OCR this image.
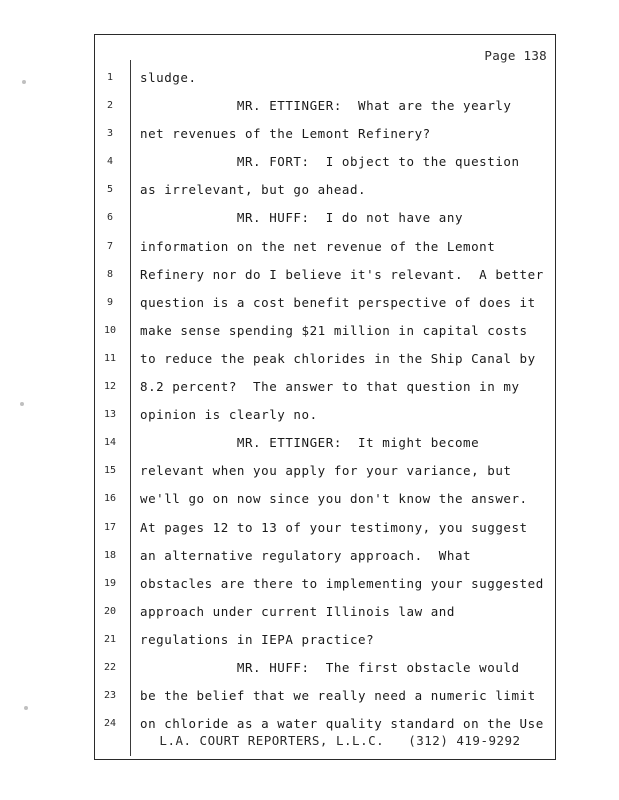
Page 138
1	sludge.
2	MR. ETTINGER:  What are the yearly
3	net revenues of the Lemont Refinery?
4	MR. FORT:  I object to the question
5	as irrelevant, but go ahead.
6	MR. HUFF:  I do not have any
7	information on the net revenue of the Lemont
8	Refinery nor do I believe it's relevant.  A better
9	question is a cost benefit perspective of does it
10	make sense spending $21 million in capital costs
11	to reduce the peak chlorides in the Ship Canal by
12	8.2 percent?  The answer to that question in my
13	opinion is clearly no.
14	MR. ETTINGER:  It might become
15	relevant when you apply for your variance, but
16	we'll go on now since you don't know the answer.
17	At pages 12 to 13 of your testimony, you suggest
18	an alternative regulatory approach.  What
19	obstacles are there to implementing your suggested
20	approach under current Illinois law and
21	regulations in IEPA practice?
22	MR. HUFF:  The first obstacle would
23	be the belief that we really need a numeric limit
24	on chloride as a water quality standard on the Use
L.A. COURT REPORTERS, L.L.C.   (312) 419-9292
